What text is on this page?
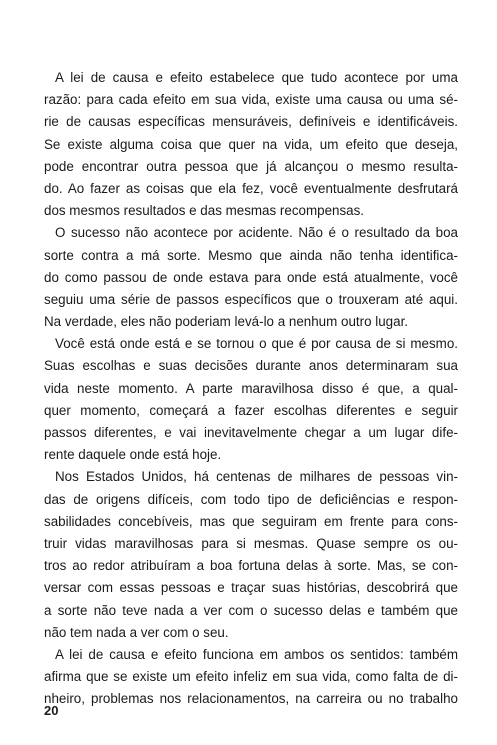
A lei de causa e efeito estabelece que tudo acontece por uma
razão: para cada efeito em sua vida, existe uma causa ou uma sé-
rie de causas específicas mensuráveis, definíveis e identificáveis.
Se existe alguma coisa que quer na vida, um efeito que deseja,
pode encontrar outra pessoa que já alcançou o mesmo resulta-
do. Ao fazer as coisas que ela fez, você eventualmente desfrutará
dos mesmos resultados e das mesmas recompensas.
O sucesso não acontece por acidente. Não é o resultado da boa
sorte contra a má sorte. Mesmo que ainda não tenha identifica-
do como passou de onde estava para onde está atualmente, você
seguiu uma série de passos específicos que o trouxeram até aqui.
Na verdade, eles não poderiam levá-lo a nenhum outro lugar.
Você está onde está e se tornou o que é por causa de si mesmo.
Suas escolhas e suas decisões durante anos determinaram sua
vida neste momento. A parte maravilhosa disso é que, a qual-
quer momento, começará a fazer escolhas diferentes e seguir
passos diferentes, e vai inevitavelmente chegar a um lugar dife-
rente daquele onde está hoje.
Nos Estados Unidos, há centenas de milhares de pessoas vin-
das de origens difíceis, com todo tipo de deficiências e respon-
sabilidades concebíveis, mas que seguiram em frente para cons-
truir vidas maravilhosas para si mesmas. Quase sempre os ou-
tros ao redor atribuíram a boa fortuna delas à sorte. Mas, se con-
versar com essas pessoas e traçar suas histórias, descobrirá que
a sorte não teve nada a ver com o sucesso delas e também que
não tem nada a ver com o seu.
A lei de causa e efeito funciona em ambos os sentidos: também
afirma que se existe um efeito infeliz em sua vida, como falta de di-
nheiro, problemas nos relacionamentos, na carreira ou no trabalho
20
